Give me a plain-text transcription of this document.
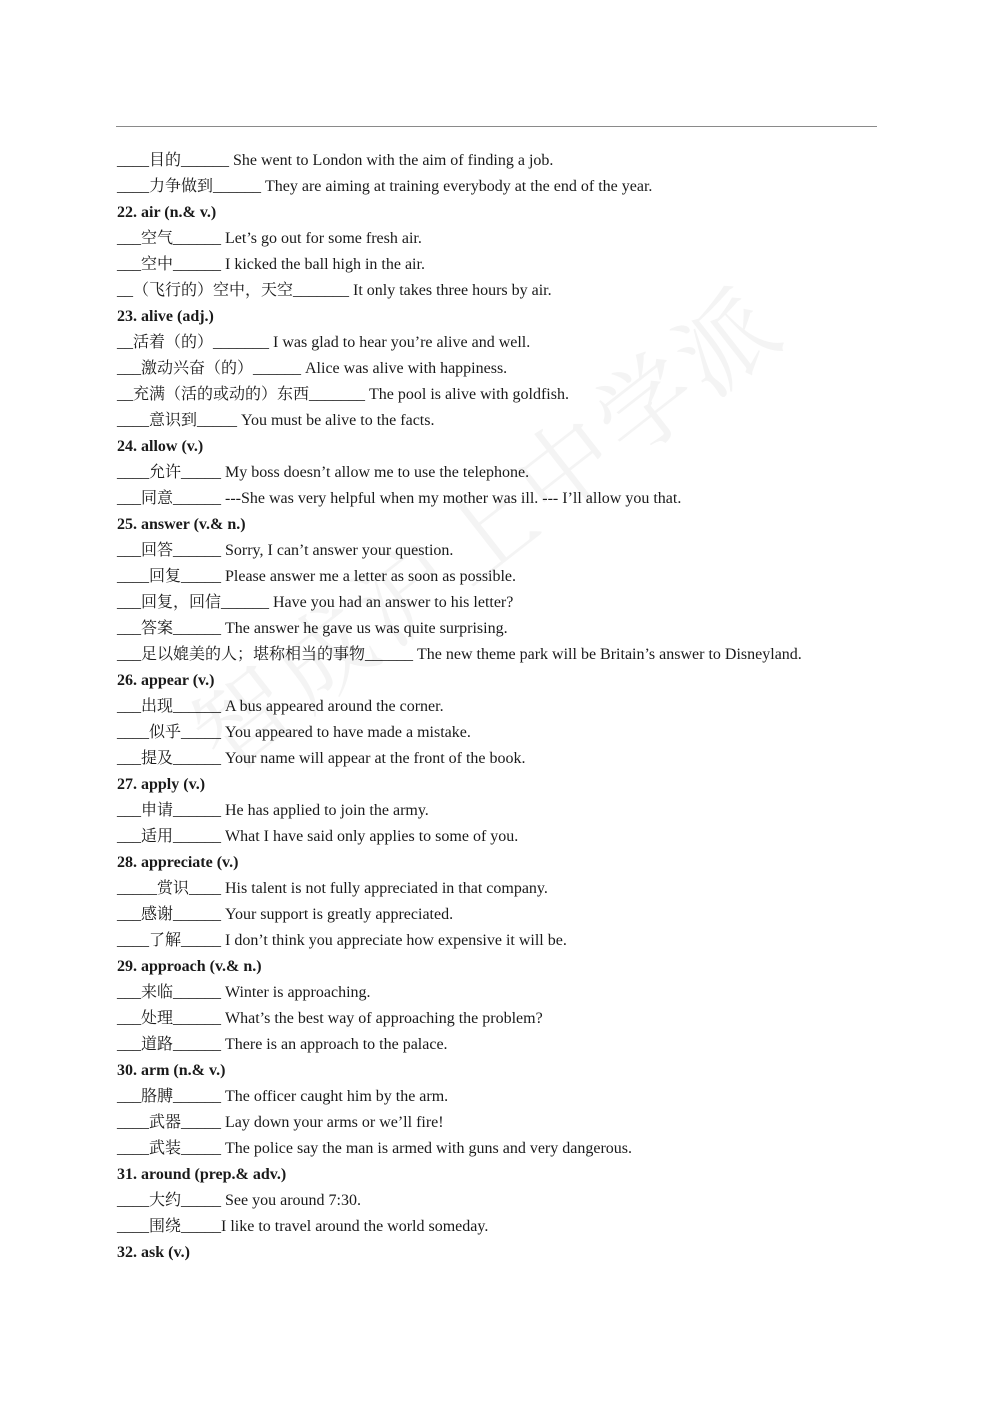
____目的______ She went to London with the aim of finding a job.
____力争做到______ They are aiming at training everybody at the end of the year.
22. air (n.& v.)
___空气______ Let’s go out for some fresh air.
___空中______ I kicked the ball high in the air.
__（飞行的）空中，天空_______ It only takes three hours by air.
23. alive (adj.)
__活着（的）_______ I was glad to hear you’re alive and well.
___激动兴奋（的）______ Alice was alive with happiness.
__充满（活的或动的）东西_______ The pool is alive with goldfish.
____意识到_____ You must be alive to the facts.
24. allow (v.)
____允许_____ My boss doesn’t allow me to use the telephone.
___同意______ ---She was very helpful when my mother was ill. --- I’ll allow you that.
25. answer (v.& n.)
___回答______ Sorry, I can’t answer your question.
____回复_____ Please answer me a letter as soon as possible.
___回复，回信______ Have you had an answer to his letter?
___答案______ The answer he gave us was quite surprising.
___足以媲美的人；堪称相当的事物______ The new theme park will be Britain’s answer to Disneyland.
26. appear (v.)
___出现______ A bus appeared around the corner.
____似乎_____ You appeared to have made a mistake.
___提及______ Your name will appear at the front of the book.
27. apply (v.)
___申请______ He has applied to join the army.
___适用______ What I have said only applies to some of you.
28. appreciate (v.)
_____赏识____ His talent is not fully appreciated in that company.
___感谢______ Your support is greatly appreciated.
____了解_____ I don’t think you appreciate how expensive it will be.
29. approach (v.& n.)
___来临______ Winter is approaching.
___处理______ What’s the best way of approaching the problem?
___道路______ There is an approach to the palace.
30. arm (n.& v.)
___胳膊______ The officer caught him by the arm.
____武器_____ Lay down your arms or we’ll fire!
____武装_____ The police say the man is armed with guns and very dangerous.
31. around (prep.& adv.)
____大约_____ See you around 7:30.
____围绕_____I like to travel around the world someday.
32. ask (v.)
